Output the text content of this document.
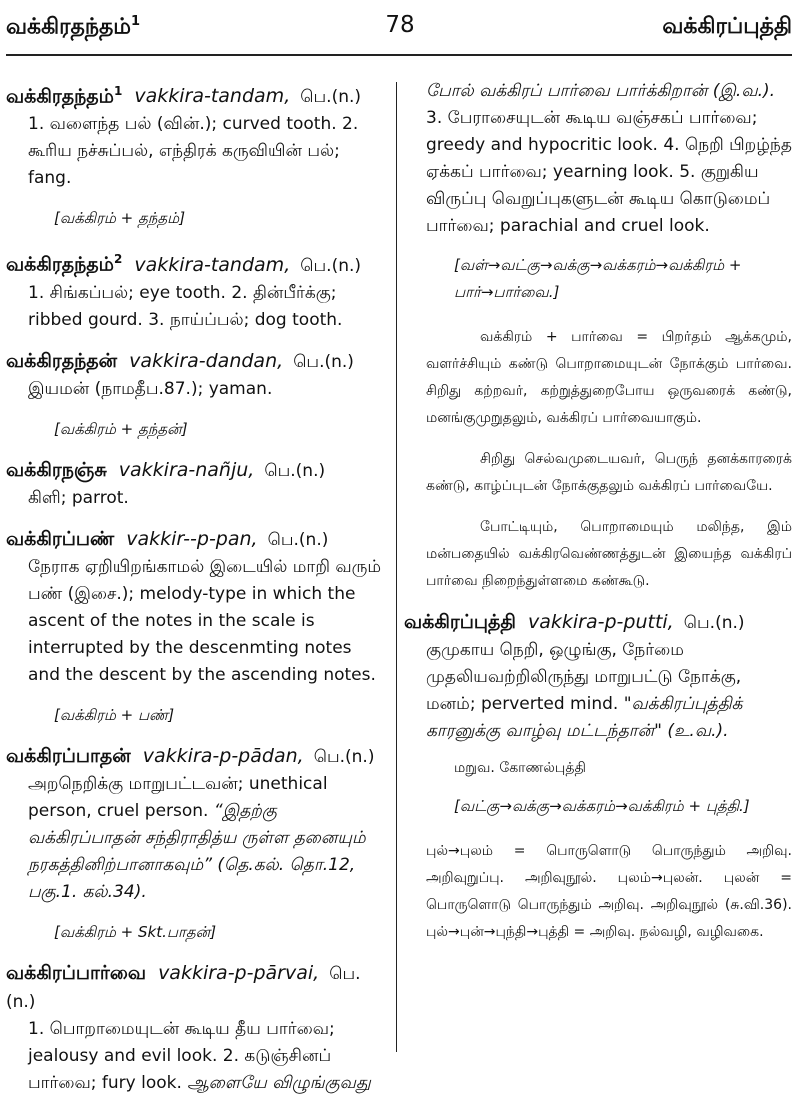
வக்கிரதந்தம்$^1$	78	வக்கிரப்புத்தி
வக்கிரதந்தம்$^1$ vakkira-tandam, பெ.(n.)
1. வளைந்த பல் (வின்.); curved tooth. 2. கூரிய நச்சுப்பல், எந்திரக் கருவியின் பல்; fang.
[வக்கிரம் + தந்தம்]
வக்கிரதந்தம்$^2$ vakkira-tandam, பெ.(n.)
1. சிங்கப்பல்; eye tooth. 2. தின்பீர்க்கு; ribbed gourd. 3. நாய்ப்பல்; dog tooth.
வக்கிரதந்தன் vakkira-dandan, பெ.(n.)
இயமன் (நாமதீப.87.); yaman.
[வக்கிரம் + தந்தன்]
வக்கிரநஞ்சு vakkira-nañju, பெ.(n.)
கிளி; parrot.
வக்கிரப்பண் vakkir--p-pan, பெ.(n.)
நேராக ஏறியிறங்காமல் இடையில் மாறி வரும் பண் (இசை.); melody-type in which the ascent of the notes in the scale is interrupted by the descenmting notes and the descent by the ascending notes.
[வக்கிரம் + பண்]
வக்கிரப்பாதன் vakkira-p-pādan, பெ.(n.)
அறநெறிக்கு மாறுபட்டவன்; unethical person, cruel person. “இதற்கு வக்கிரப்பாதன் சந்திராதித்ய ருள்ள தனையும் நரகத்தினிற்பானாகவும்” (தெ.கல். தொ.12, பகு.1. கல்.34).
[வக்கிரம் + Skt.பாதன்]
வக்கிரப்பார்வை vakkira-p-pārvai, பெ.(n.)
1. பொறாமையுடன் கூடிய தீய பார்வை; jealousy and evil look. 2. கடுஞ்சினப் பார்வை; fury look. ஆளையே விழுங்குவது
போல் வக்கிரப் பார்வை பார்க்கிறான் (இ.வ.). 3. பேராசையுடன் கூடிய வஞ்சகப் பார்வை; greedy and hypocritic look. 4. நெறி பிறழ்ந்த ஏக்கப் பார்வை; yearning look. 5. குறுகிய விருப்பு வெறுப்புகளுடன் கூடிய கொடுமைப் பார்வை; parachial and cruel look.
[வள்→வட்கு→வக்கு→வக்கரம்→வக்கிரம் + பார்→பார்வை.]
வக்கிரம் + பார்வை = பிறர்தம் ஆக்கமும், வளர்ச்சியும் கண்டு பொறாமையுடன் நோக்கும் பார்வை. சிறிது கற்றவர், கற்றுத்துறைபோய ஒருவரைக் கண்டு, மனங்குமுறுதலும், வக்கிரப் பார்வையாகும்.
சிறிது செல்வமுடையவர், பெருந் தனக்காரரைக் கண்டு, காழ்ப்புடன் நோக்குதலும் வக்கிரப் பார்வையே.
போட்டியும், பொறாமையும் மலிந்த, இம் மன்பதையில் வக்கிரவெண்ணத்துடன் இயைந்த வக்கிரப் பார்வை நிறைந்துள்ளமை கண்கூடு.
வக்கிரப்புத்தி vakkira-p-putti, பெ.(n.)
குமுகாய நெறி, ஒழுங்கு, நேர்மை முதலியவற்றிலிருந்து மாறுபட்டு நோக்கு, மனம்; perverted mind. "வக்கிரப்புத்திக் காரனுக்கு வாழ்வு மட்டந்தான்" (உ.வ.).
மறுவ. கோணல்புத்தி
[வட்கு→வக்கு→வக்கரம்→வக்கிரம் + புத்தி.]
புல்→புலம் = பொருளொடு பொருந்தும் அறிவு. அறிவுறுப்பு. அறிவுநூல். புலம்→புலன். புலன் = பொருளொடு பொருந்தும் அறிவு. அறிவுநூல் (சு.வி.36). புல்→புன்→புந்தி→புத்தி = அறிவு. நல்வழி, வழிவகை.
